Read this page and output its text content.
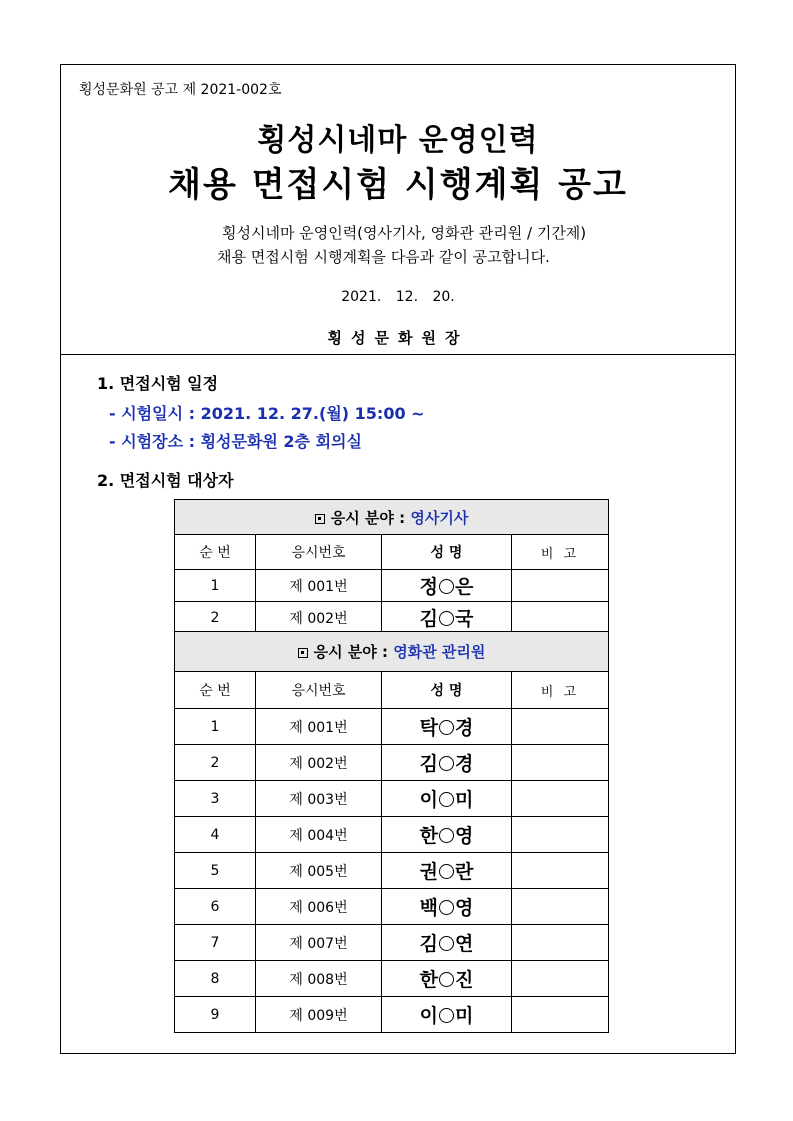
횡성문화원 공고 제 2021-002호
횡성시네마 운영인력
채용 면접시험 시행계획 공고
횡성시네마 운영인력(영사기사, 영화관 관리원 / 기간제)
채용 면접시험 시행계획을 다음과 같이 공고합니다.
2021. 12. 20.
횡성문화원장
1. 면접시험 일정
- 시험일시 : 2021. 12. 27.(월) 15:00 ~
- 시험장소 : 횡성문화원 2층 회의실
2. 면접시험 대상자
응시 분야 : 영사기사			
순 번	응시번호	성 명	비 고
1	제 001번	정 은	
2	제 002번	김 국	
응시 분야 : 영화관 관리원			
순 번	응시번호	성 명	비 고
1	제 001번	탁 경	
2	제 002번	김 경	
3	제 003번	이 미	
4	제 004번	한 영	
5	제 005번	권 란	
6	제 006번	백 영	
7	제 007번	김 연	
8	제 008번	한 진	
9	제 009번	이 미	
